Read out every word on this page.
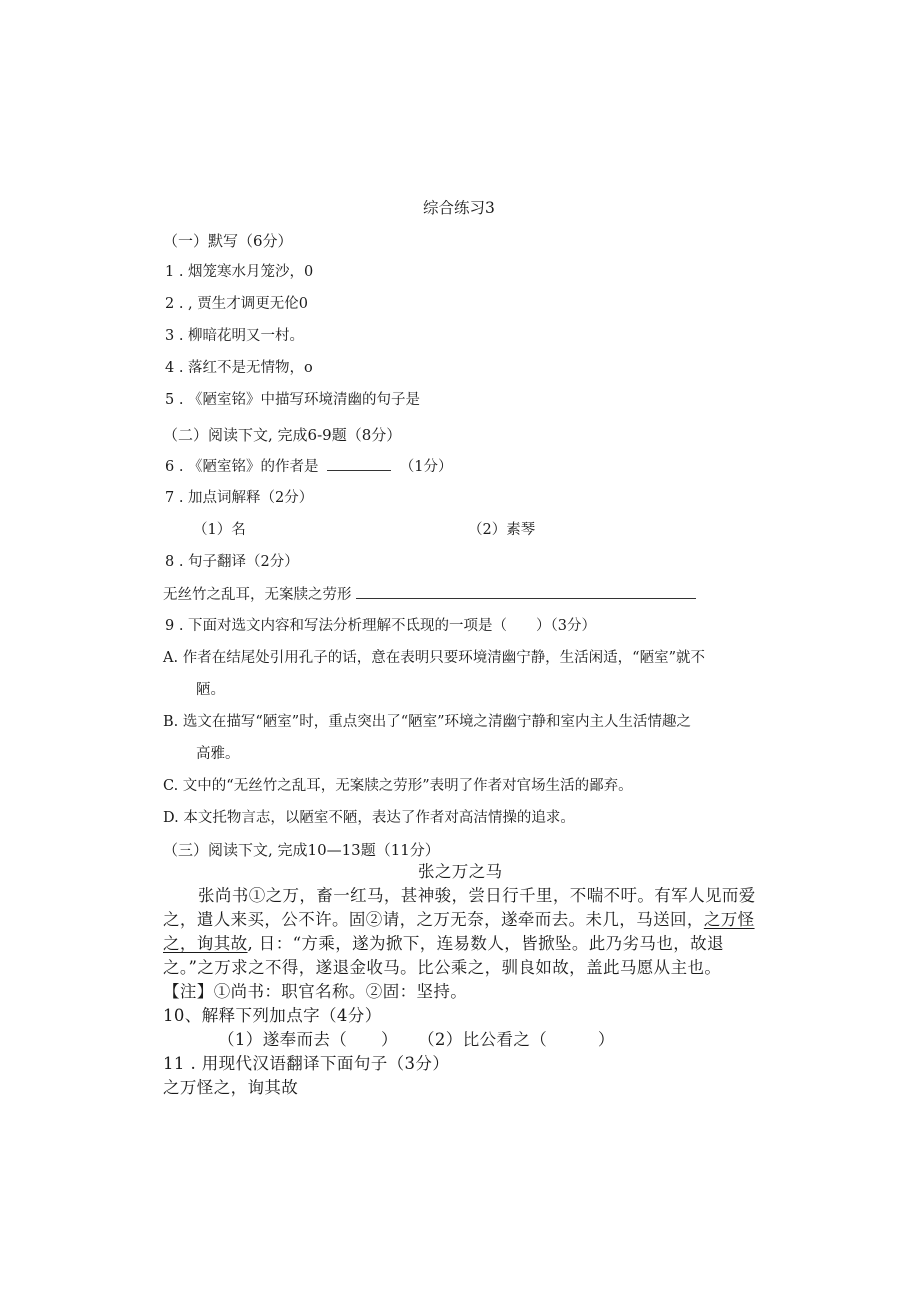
综合练习3
（一）默写（6分）
1 . 烟笼寒水月笼沙，0
2 . , 贾生才调更无伦0
3 . 柳暗花明又一村。
4 . 落红不是无情物，o
5 . 《陋室铭》中描写环境清幽的句子是
（二）阅读下文, 完成6-9题（8分）
6 . 《陋室铭》的作者是	（1分）
7 . 加点词解释（2分）
（1）名	（2）素琴
8 . 句子翻译（2分）
无丝竹之乱耳，无案牍之劳形
9 . 下面对选文内容和写法分析理解不氐现的一项是（　　）（3分）
A. 作者在结尾处引用孔子的话，意在表明只要环境清幽宁静，生活闲适，“陋室”就不
陋。
B. 选文在描写“陋室”时，重点突出了“陋室”环境之清幽宁静和室内主人生活情趣之
高雅。
C. 文中的“无丝竹之乱耳，无案牍之劳形”表明了作者对官场生活的鄙弃。
D. 本文托物言志，以陋室不陋，表达了作者对高洁情操的追求。
（三）阅读下文, 完成10—13题（11分）
张之万之马
张尚书①之万，畜一红马，甚神骏，尝日行千里，不喘不吁。有军人见而爱
之，遣人来买，公不许。固②请，之万无奈，遂牵而去。未几，马送回，之万怪
之，询其故, 日：“方乘，遂为掀下，连易数人，皆掀坠。此乃劣马也，故退
之。”之万求之不得，遂退金收马。比公乘之，驯良如故，盖此马愿从主也。
【注】①尚书：职官名称。②固：坚持。
10、解释下列加点字（4分）
（1）遂奉而去（　　） （2）比公看之（　　　）
11 . 用现代汉语翻译下面句子（3分）
之万怪之，询其故
